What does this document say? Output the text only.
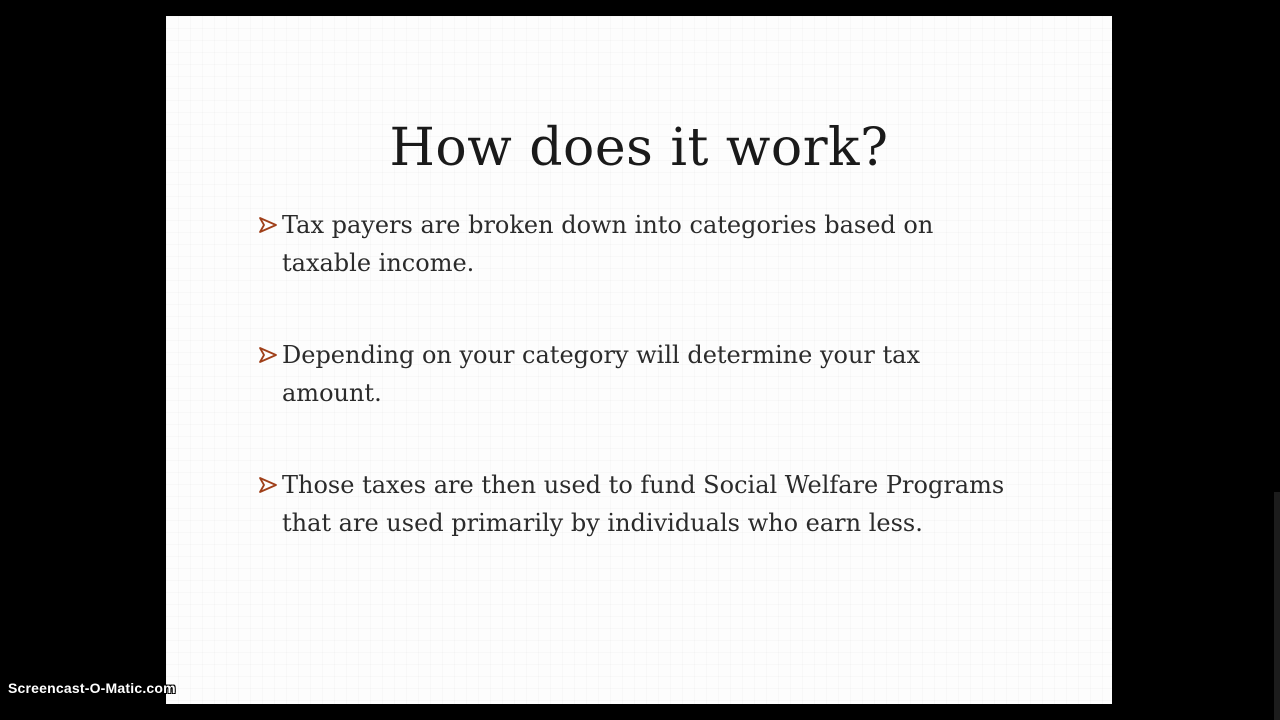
How does it work?
Tax payers are broken down into categories based on taxable income.
Depending on your category will determine your tax amount.
Those taxes are then used to fund Social Welfare Programs that are used primarily by individuals who earn less.
Screencast-O-Matic.com
